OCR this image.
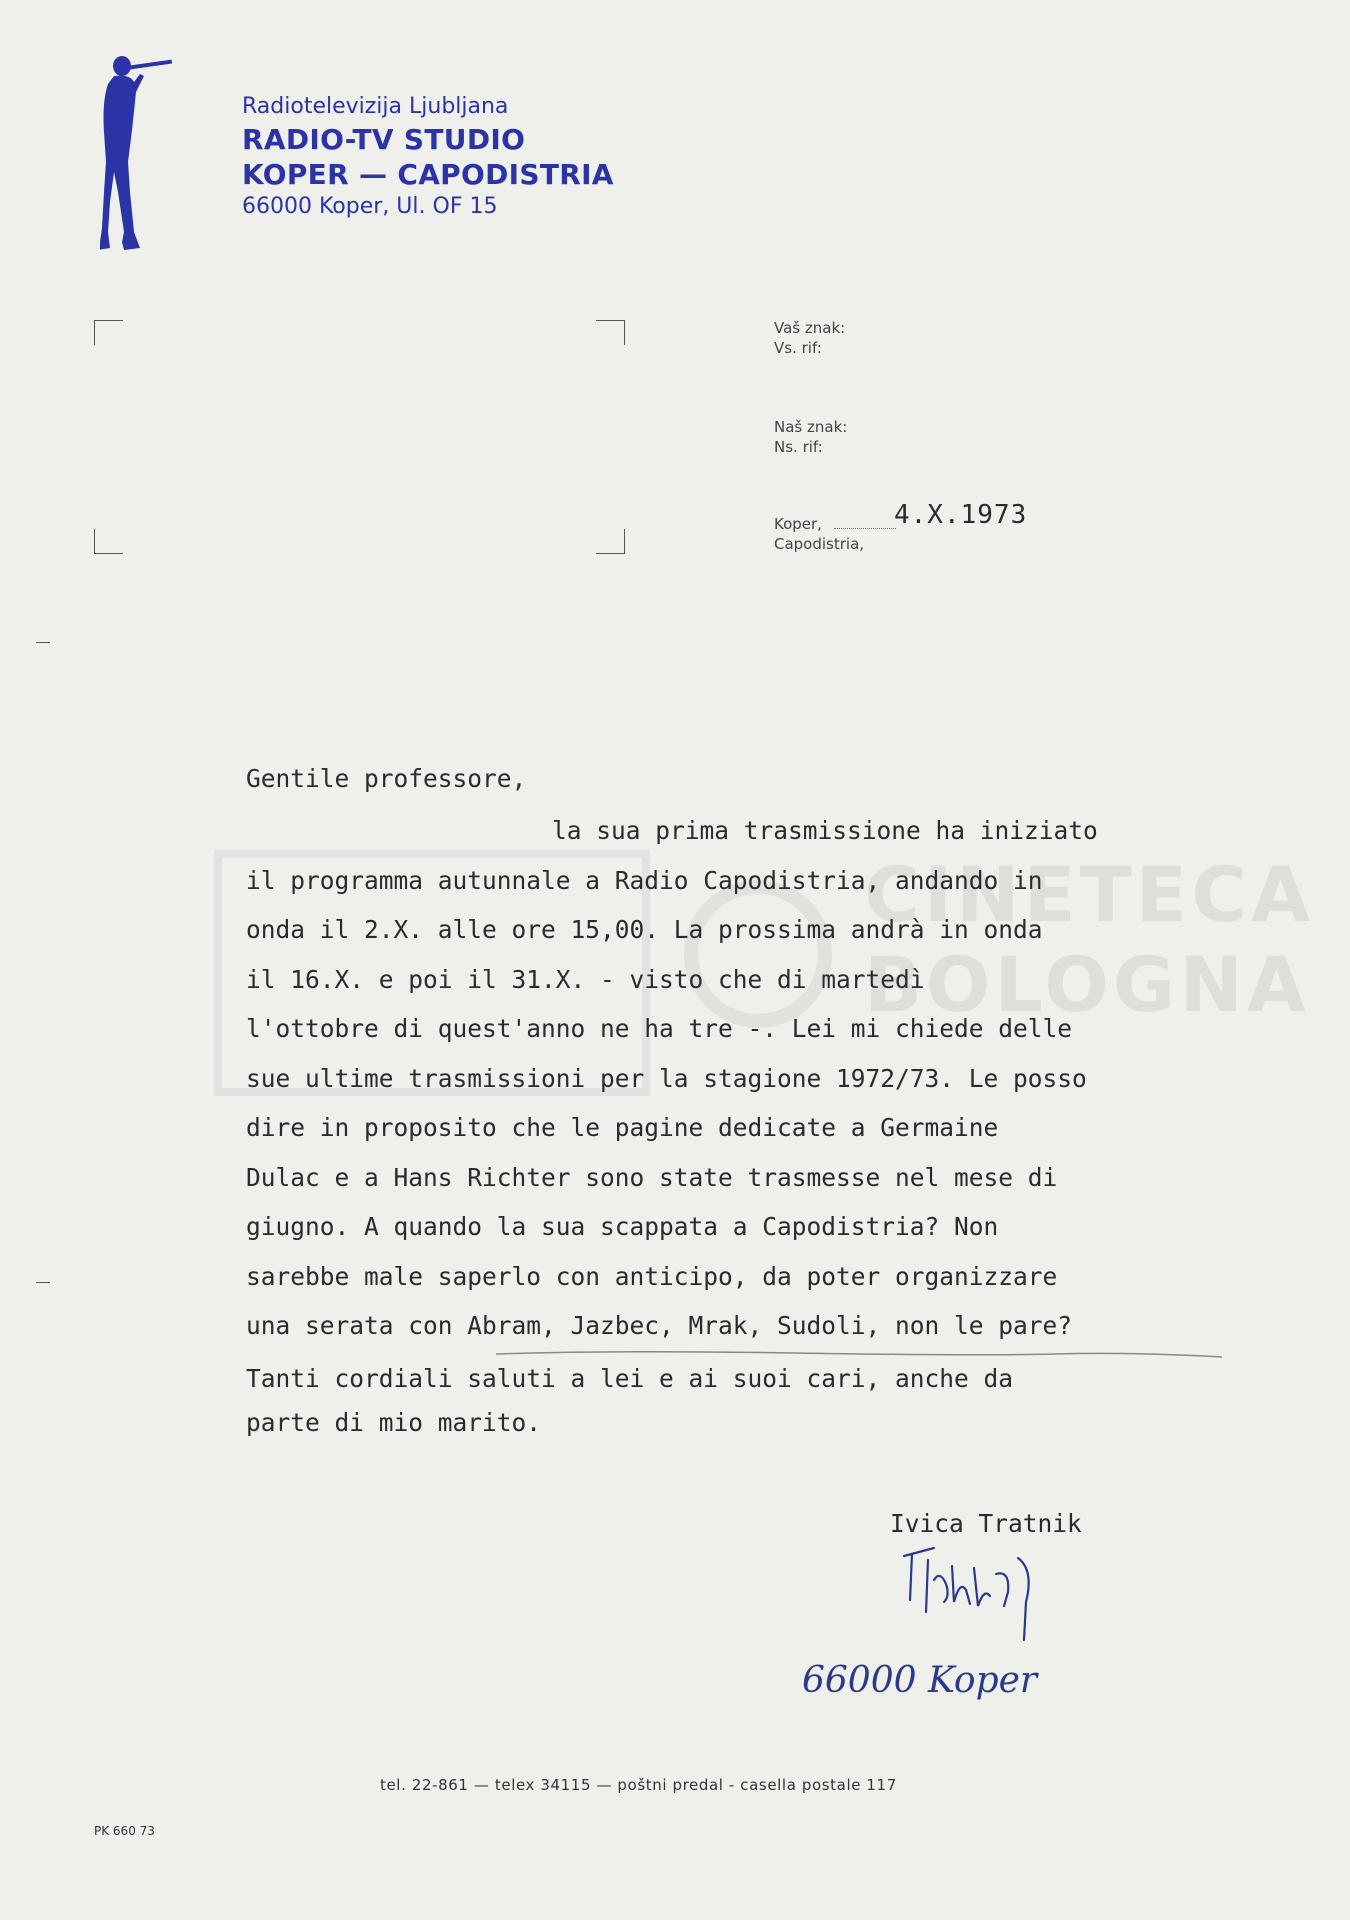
Radiotelevizija Ljubljana
RADIO-TV STUDIO
KOPER — CAPODISTRIA
66000 Koper, Ul. OF 15
Vaš znak:
Vs. rif:
Naš znak:
Ns. rif:
Koper,
Capodistria,
4.X.1973
CINETECA
BOLOGNA
Gentile professore,
la sua prima trasmissione ha iniziato
il programma autunnale a Radio Capodistria, andando in
onda il 2.X. alle ore 15,00. La prossima andrà in onda
il 16.X. e poi il 31.X. - visto che di martedì
l'ottobre di quest'anno ne ha tre -. Lei mi chiede delle
sue ultime trasmissioni per la stagione 1972/73. Le posso
dire in proposito che le pagine dedicate a Germaine
Dulac e a Hans Richter sono state trasmesse nel mese di
giugno. A quando la sua scappata a Capodistria? Non
sarebbe male saperlo con anticipo, da poter organizzare
una serata con Abram, Jazbec, Mrak, Sudoli, non le pare?
Tanti cordiali saluti a lei e ai suoi cari, anche da
parte di mio marito.
Ivica Tratnik
66000 Koper
tel. 22-861 — telex 34115 — poštni predal - casella postale 117
PK 660 73
